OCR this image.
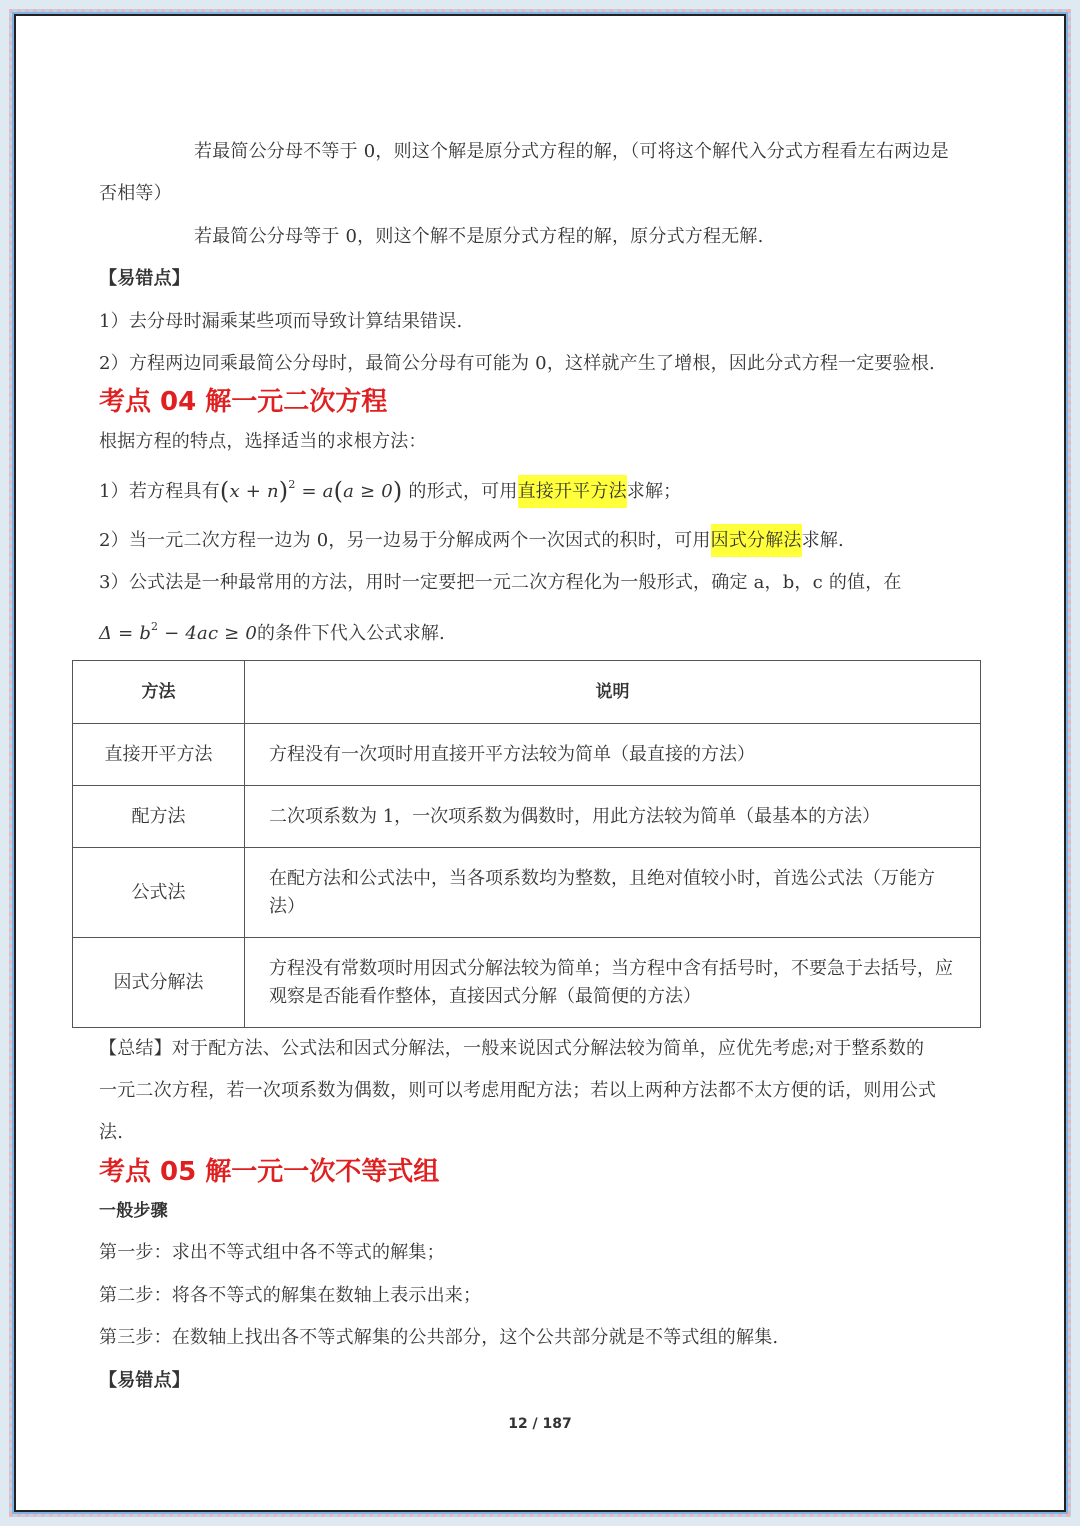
若最简公分母不等于 0，则这个解是原分式方程的解，（可将这个解代入分式方程看左右两边是
否相等）
若最简公分母等于 0，则这个解不是原分式方程的解，原分式方程无解.
【易错点】
1）去分母时漏乘某些项而导致计算结果错误.
2）方程两边同乘最简公分母时，最简公分母有可能为 0，这样就产生了增根，因此分式方程一定要验根.
考点 04 解一元二次方程
根据方程的特点，选择适当的求根方法：
1）若方程具有$(x + n)^2 = a(a \ge 0)$ 的形式，可用直接开平方法求解；
2）当一元二次方程一边为 0，另一边易于分解成两个一次因式的积时，可用因式分解法求解.
3）公式法是一种最常用的方法，用时一定要把一元二次方程化为一般形式，确定 a，b，c 的值，在
$\Delta = b^2 - 4ac \ge 0$的条件下代入公式求解.
方法	说明
直接开平方法	方程没有一次项时用直接开平方法较为简单（最直接的方法）
配方法	二次项系数为 1，一次项系数为偶数时，用此方法较为简单（最基本的方法）
公式法	在配方法和公式法中，当各项系数均为整数，且绝对值较小时，首选公式法（万能方法）
因式分解法	方程没有常数项时用因式分解法较为简单；当方程中含有括号时，不要急于去括号，应观察是否能看作整体，直接因式分解（最简便的方法）
【总结】对于配方法、公式法和因式分解法，一般来说因式分解法较为简单，应优先考虑;对于整系数的
一元二次方程，若一次项系数为偶数，则可以考虑用配方法；若以上两种方法都不太方便的话，则用公式
法.
考点 05 解一元一次不等式组
一般步骤
第一步：求出不等式组中各不等式的解集；
第二步：将各不等式的解集在数轴上表示出来；
第三步：在数轴上找出各不等式解集的公共部分，这个公共部分就是不等式组的解集.
【易错点】
12 / 187
